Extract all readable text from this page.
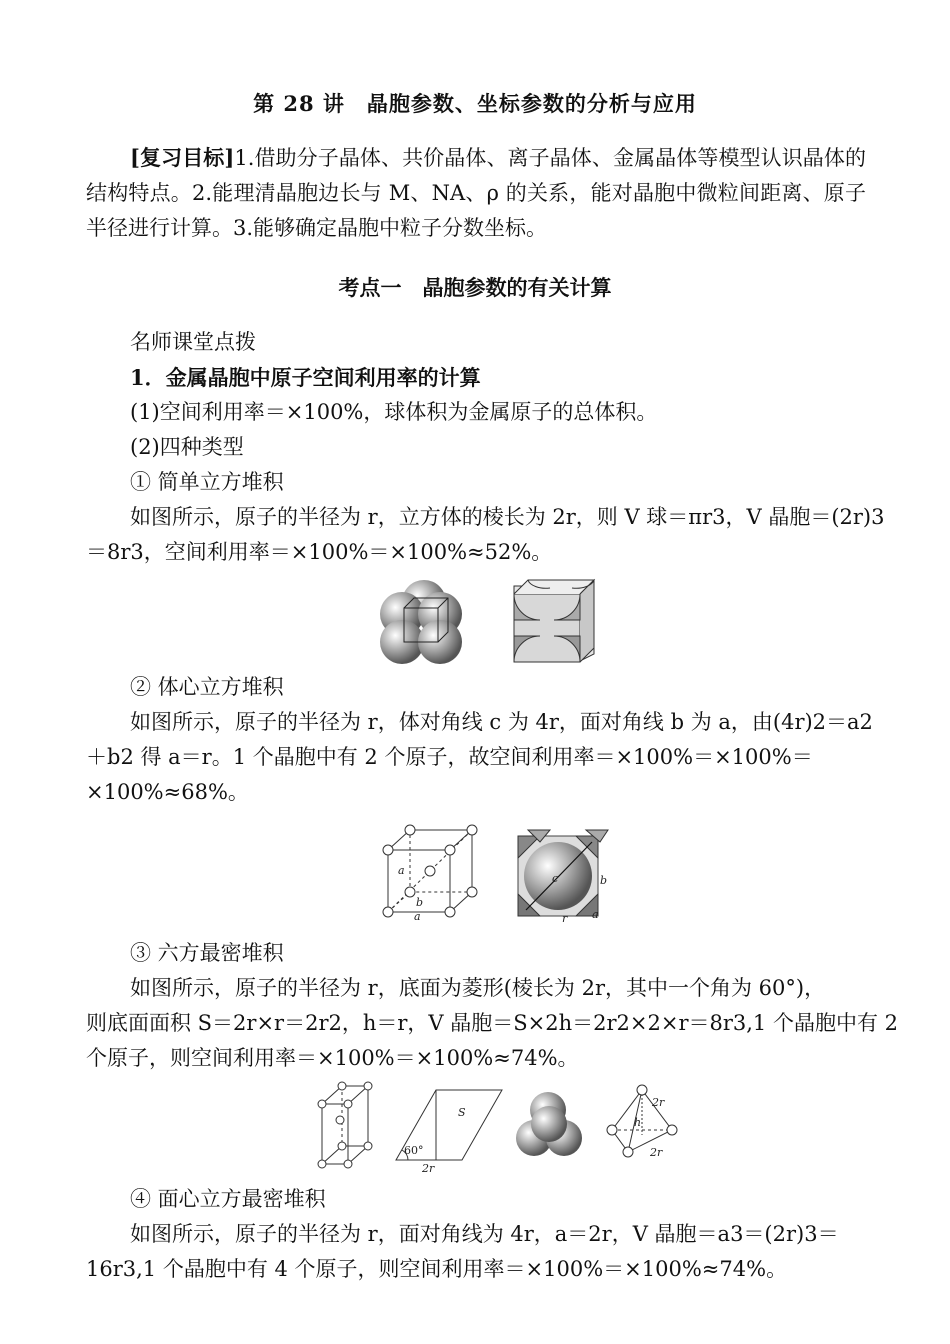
第 28 讲　晶胞参数、坐标参数的分析与应用
[复习目标]1.借助分子晶体、共价晶体、离子晶体、金属晶体等模型认识晶体的结构特点。2.能理清晶胞边长与 M、NA、ρ 的关系，能对晶胞中微粒间距离、原子半径进行计算。3.能够确定晶胞中粒子分数坐标。
考点一　晶胞参数的有关计算
名师课堂点拨
1．金属晶胞中原子空间利用率的计算
(1)空间利用率＝×100%，球体积为金属原子的总体积。
(2)四种类型
① 简单立方堆积
如图所示，原子的半径为 r，立方体的棱长为 2r，则 V 球＝πr3，V 晶胞＝(2r)3
＝8r3，空间利用率＝×100%＝×100%≈52%。
② 体心立方堆积
如图所示，原子的半径为 r，体对角线 c 为 4r，面对角线 b 为 a，由(4r)2＝a2
＋b2 得 a＝r。1 个晶胞中有 2 个原子，故空间利用率＝×100%＝×100%＝
×100%≈68%。
a
b
a
c	b
a
r
③ 六方最密堆积
如图所示，原子的半径为 r，底面为菱形(棱长为 2r，其中一个角为 60°)，
则底面面积 S＝2r×r＝2r2，h＝r，V 晶胞＝S×2h＝2r2×2×r＝8r3,1 个晶胞中有 2
个原子，则空间利用率＝×100%＝×100%≈74%。
S
60°
2r
2r
h
2r
④ 面心立方最密堆积
如图所示，原子的半径为 r，面对角线为 4r，a＝2r，V 晶胞＝a3＝(2r)3＝
16r3,1 个晶胞中有 4 个原子，则空间利用率＝×100%＝×100%≈74%。
